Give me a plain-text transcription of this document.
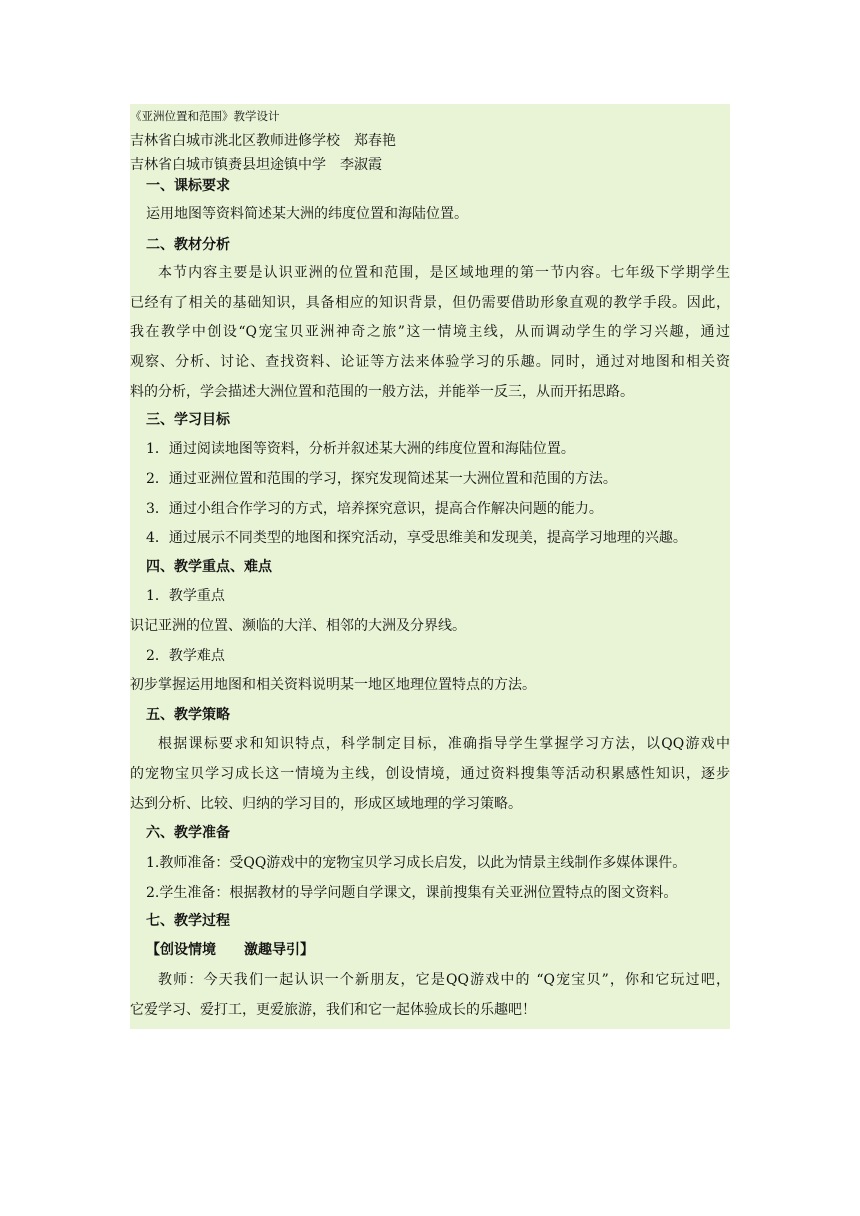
《亚洲位置和范围》教学设计
吉林省白城市洮北区教师进修学校　郑春艳
吉林省白城市镇赉县坦途镇中学　李淑霞
一、课标要求
运用地图等资料简述某大洲的纬度位置和海陆位置。
二、教材分析
本节内容主要是认识亚洲的位置和范围，是区域地理的第一节内容。七年级下学期学生
已经有了相关的基础知识，具备相应的知识背景，但仍需要借助形象直观的教学手段。因此，
我在教学中创设“Q宠宝贝亚洲神奇之旅”这一情境主线，从而调动学生的学习兴趣，通过
观察、分析、讨论、查找资料、论证等方法来体验学习的乐趣。同时，通过对地图和相关资
料的分析，学会描述大洲位置和范围的一般方法，并能举一反三，从而开拓思路。
三、学习目标
1．通过阅读地图等资料，分析并叙述某大洲的纬度位置和海陆位置。
2．通过亚洲位置和范围的学习，探究发现简述某一大洲位置和范围的方法。
3．通过小组合作学习的方式，培养探究意识，提高合作解决问题的能力。
4．通过展示不同类型的地图和探究活动，享受思维美和发现美，提高学习地理的兴趣。
四、教学重点、难点
1．教学重点
识记亚洲的位置、濒临的大洋、相邻的大洲及分界线。
2．教学难点
初步掌握运用地图和相关资料说明某一地区地理位置特点的方法。
五、教学策略
根据课标要求和知识特点，科学制定目标，准确指导学生掌握学习方法，以QQ游戏中
的宠物宝贝学习成长这一情境为主线，创设情境，通过资料搜集等活动积累感性知识，逐步
达到分析、比较、归纳的学习目的，形成区域地理的学习策略。
六、教学准备
1.教师准备：受QQ游戏中的宠物宝贝学习成长启发，以此为情景主线制作多媒体课件。
2.学生准备：根据教材的导学问题自学课文，课前搜集有关亚洲位置特点的图文资料。
七、教学过程
【创设情境　　激趣导引】
教师：今天我们一起认识一个新朋友，它是QQ游戏中的 “Q宠宝贝”，你和它玩过吧，
它爱学习、爱打工，更爱旅游，我们和它一起体验成长的乐趣吧！
